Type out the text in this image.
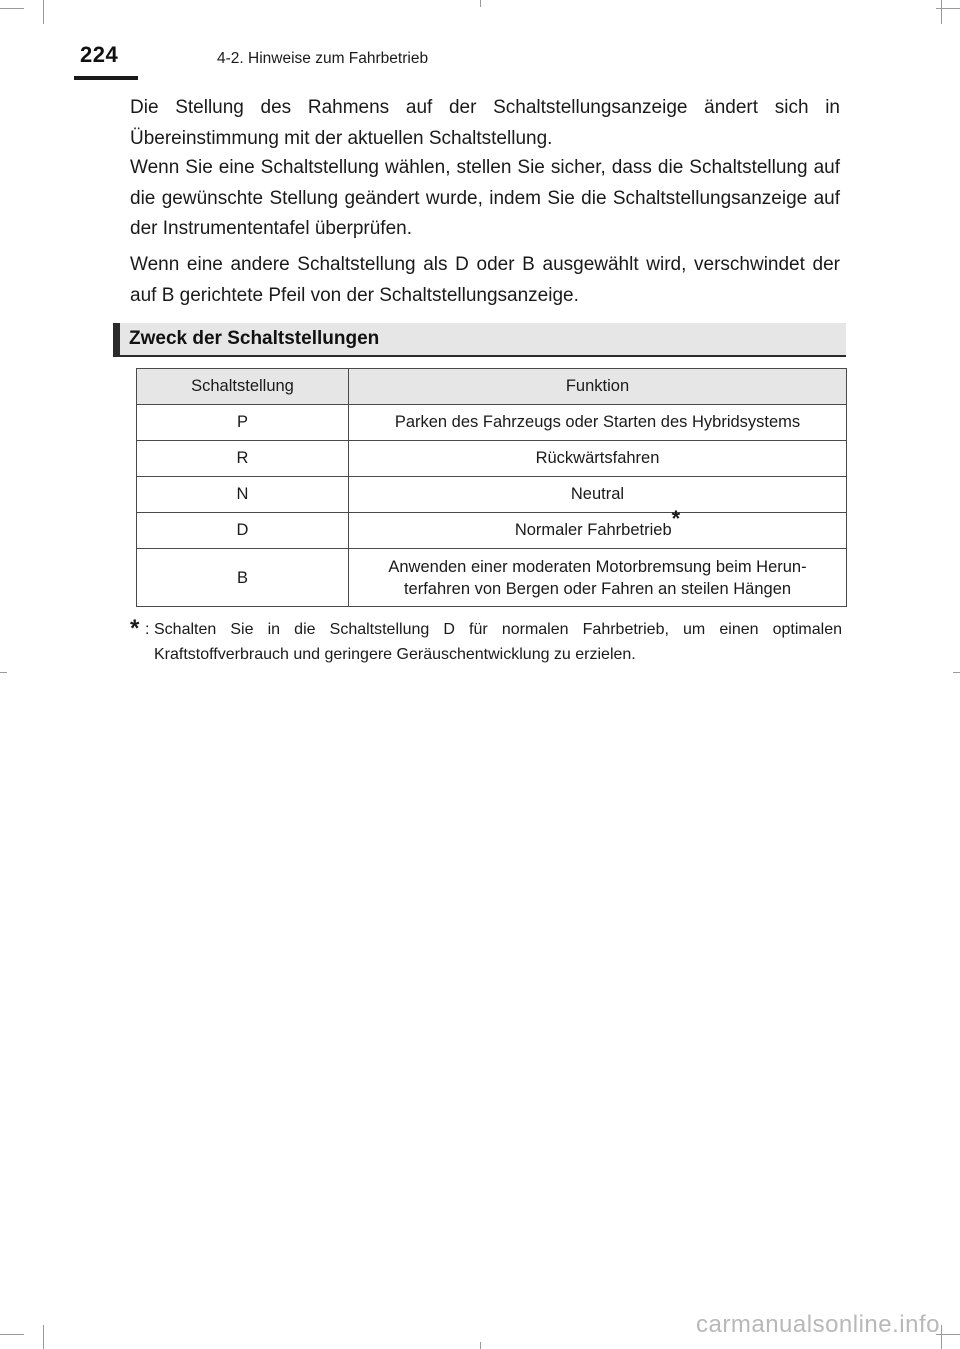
224	4-2. Hinweise zum Fahrbetrieb

Die Stellung des Rahmens auf der Schaltstellungsanzeige ändert sich in Übereinstimmung mit der aktuellen Schaltstellung.

Wenn Sie eine Schaltstellung wählen, stellen Sie sicher, dass die Schaltstellung auf die gewünschte Stellung geändert wurde, indem Sie die Schaltstellungsanzeige auf der Instrumententafel überprüfen.

Wenn eine andere Schaltstellung als D oder B ausgewählt wird, verschwindet der auf B gerichtete Pfeil von der Schaltstellungsanzeige.

Zweck der Schaltstellungen
Schaltstellung	Funktion
P	Parken des Fahrzeugs oder Starten des Hybridsystems
R	Rückwärtsfahren
N	Neutral
D	Normaler Fahrbetrieb*
B	Anwenden einer moderaten Motorbremsung beim Herun-
terfahren von Bergen oder Fahren an steilen Hängen
* : Schalten Sie in die Schaltstellung D für normalen Fahrbetrieb, um einen optimalen Kraftstoffverbrauch und geringere Geräuschentwicklung zu erzielen.
carmanualsonline.info
